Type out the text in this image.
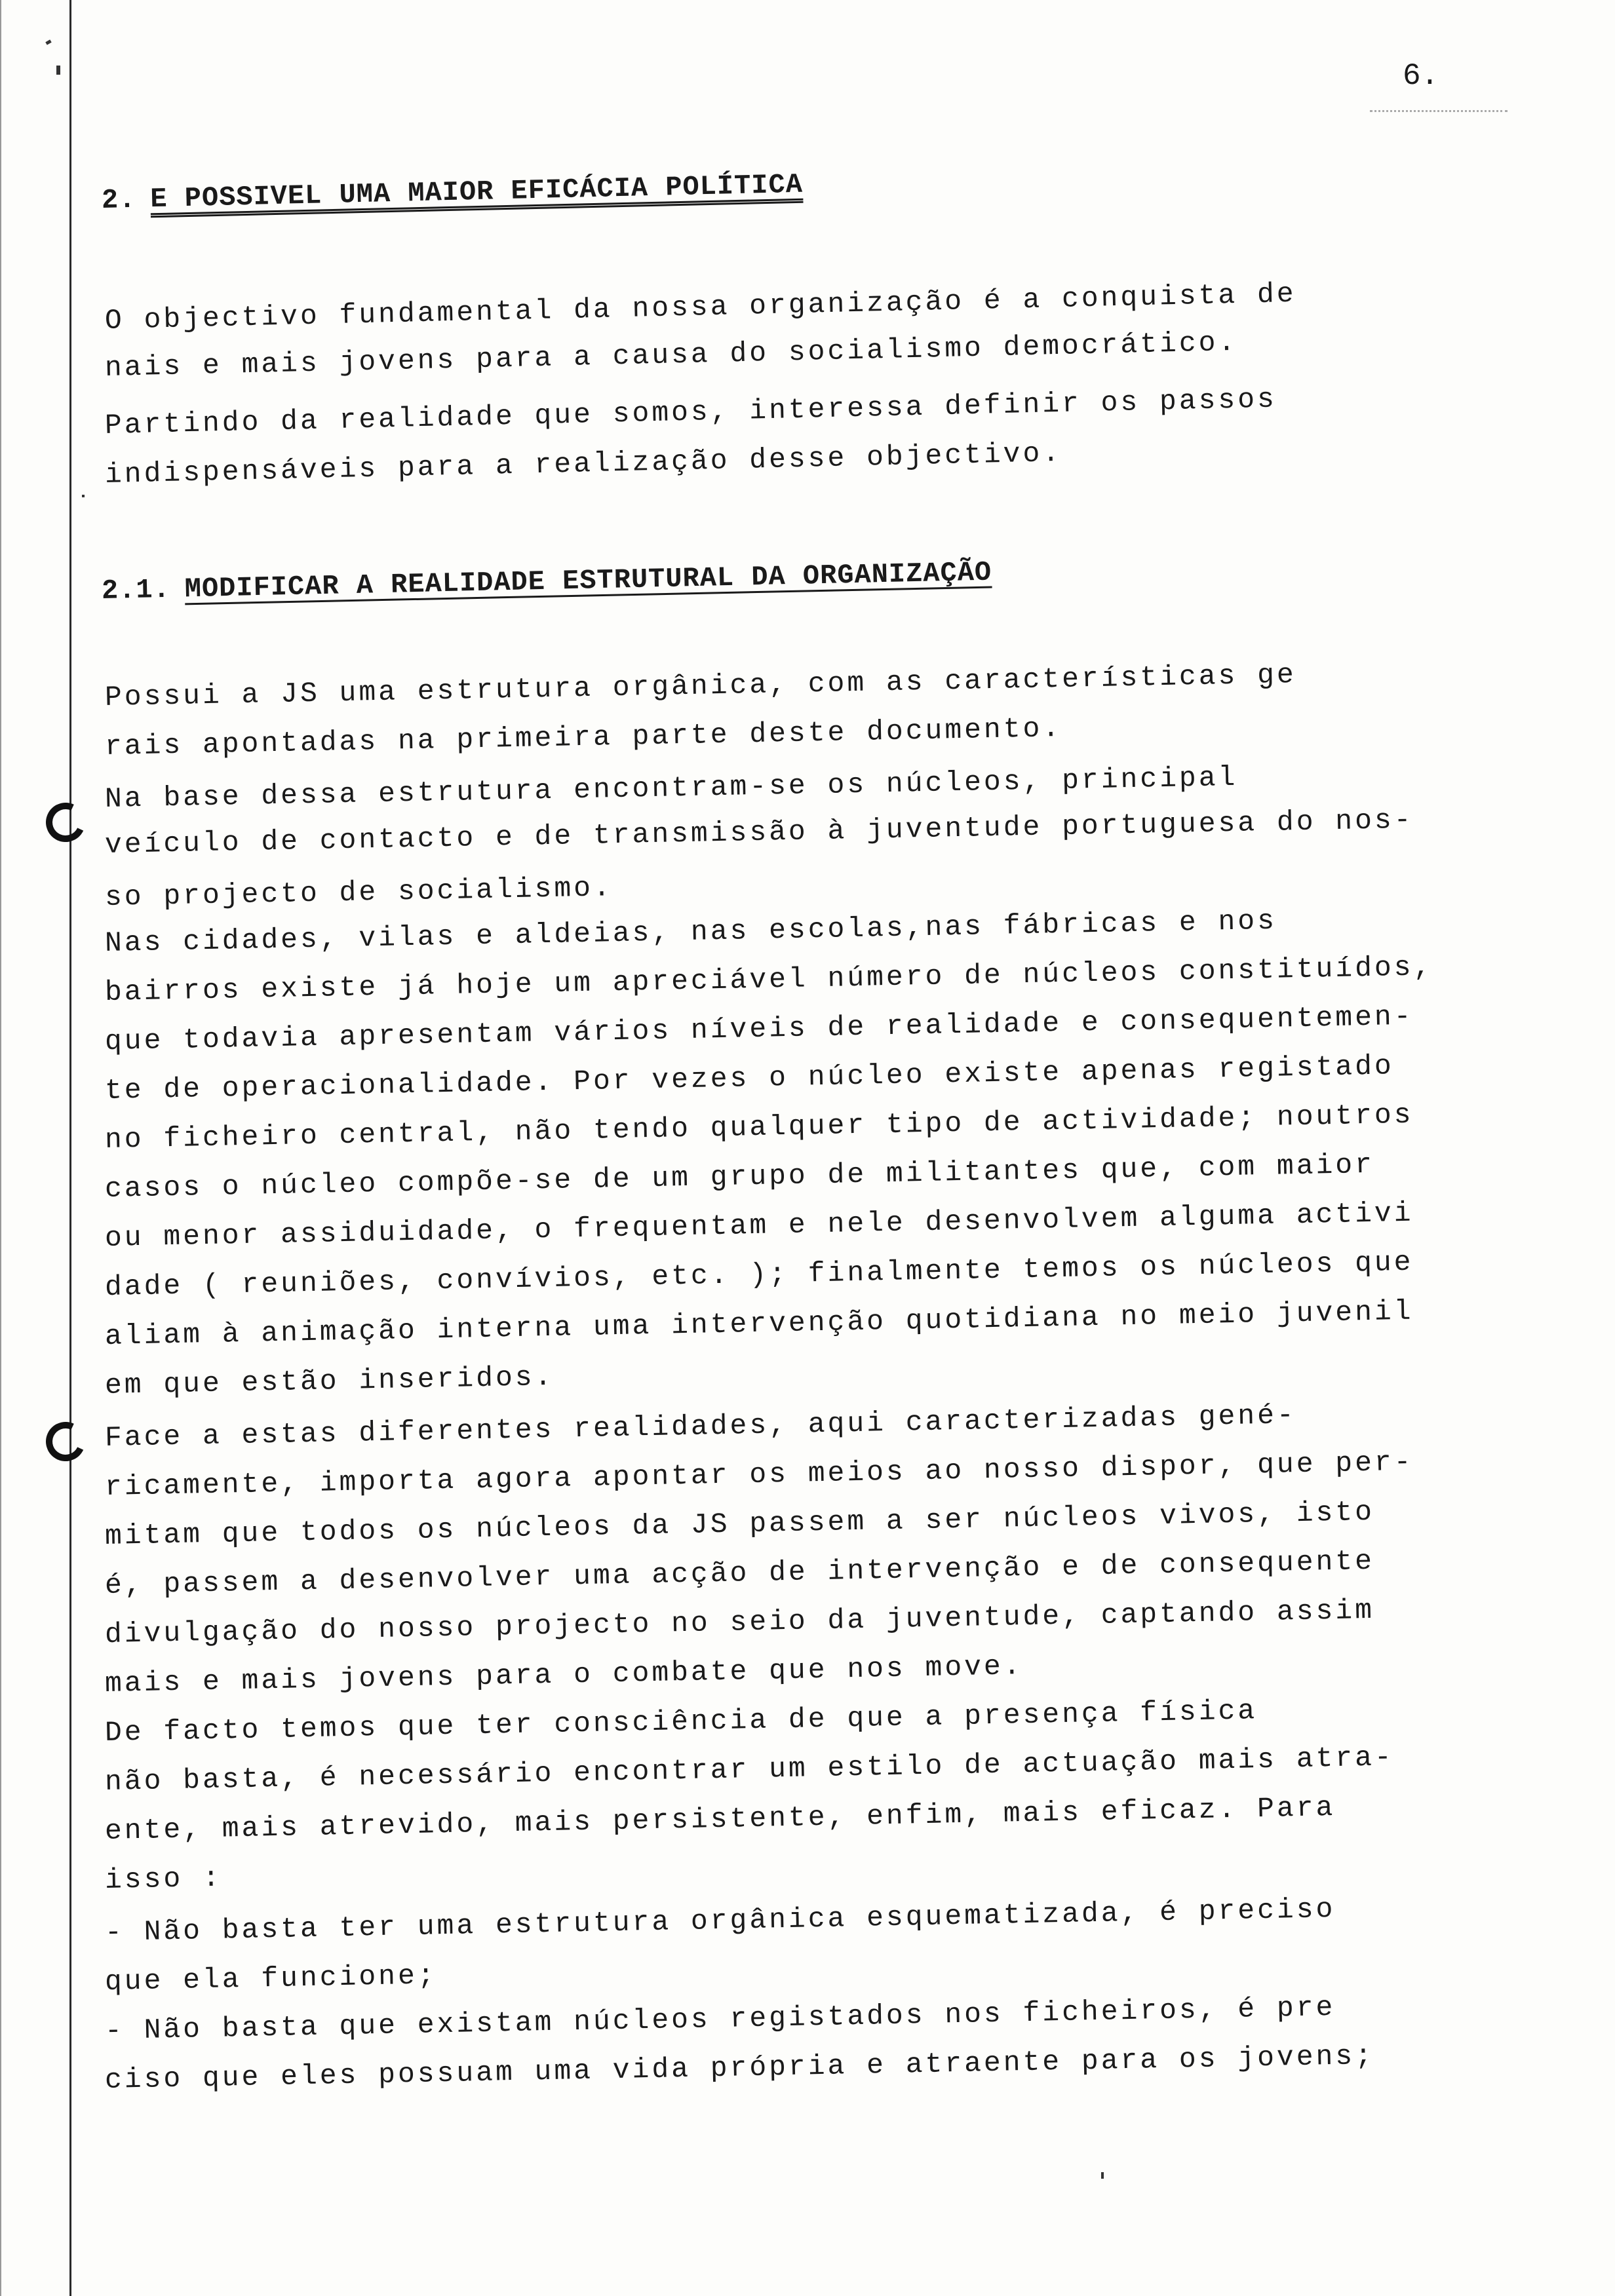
6.
2. E POSSIVEL UMA MAIOR EFICÁCIA POLÍTICA
O objectivo fundamental da nossa organização é a conquista de
nais e mais jovens para a causa do socialismo democrático.
Partindo da realidade que somos, interessa definir os passos
indispensáveis para a realização desse objectivo.
2.1. MODIFICAR A REALIDADE ESTRUTURAL DA ORGANIZAÇÃO
Possui a JS uma estrutura orgânica, com as características ge
rais apontadas na primeira parte deste documento.
Na base dessa estrutura encontram-se os núcleos, principal
veículo de contacto e de transmissão à juventude portuguesa do nos-
so projecto de socialismo.
Nas cidades, vilas e aldeias, nas escolas,nas fábricas e nos
bairros existe já hoje um apreciável número de núcleos constituídos,
que todavia apresentam vários níveis de realidade e consequentemen-
te de operacionalidade. Por vezes o núcleo existe apenas registado
no ficheiro central, não tendo qualquer tipo de actividade; noutros
casos o núcleo compõe-se de um grupo de militantes que, com maior
ou menor assiduidade, o frequentam e nele desenvolvem alguma activi
dade ( reuniões, convívios, etc. ); finalmente temos os núcleos que
aliam à animação interna uma intervenção quotidiana no meio juvenil
em que estão inseridos.
Face a estas diferentes realidades, aqui caracterizadas gené-
ricamente, importa agora apontar os meios ao nosso dispor, que per-
mitam que todos os núcleos da JS passem a ser núcleos vivos, isto
é, passem a desenvolver uma acção de intervenção e de consequente
divulgação do nosso projecto no seio da juventude, captando assim
mais e mais jovens para o combate que nos move.
De facto temos que ter consciência de que a presença física
não basta, é necessário encontrar um estilo de actuação mais atra-
ente, mais atrevido, mais persistente, enfim, mais eficaz. Para
isso :
- Não basta ter uma estrutura orgânica esquematizada, é preciso
que ela funcione;
- Não basta que existam núcleos registados nos ficheiros, é pre
ciso que eles possuam uma vida própria e atraente para os jovens;
